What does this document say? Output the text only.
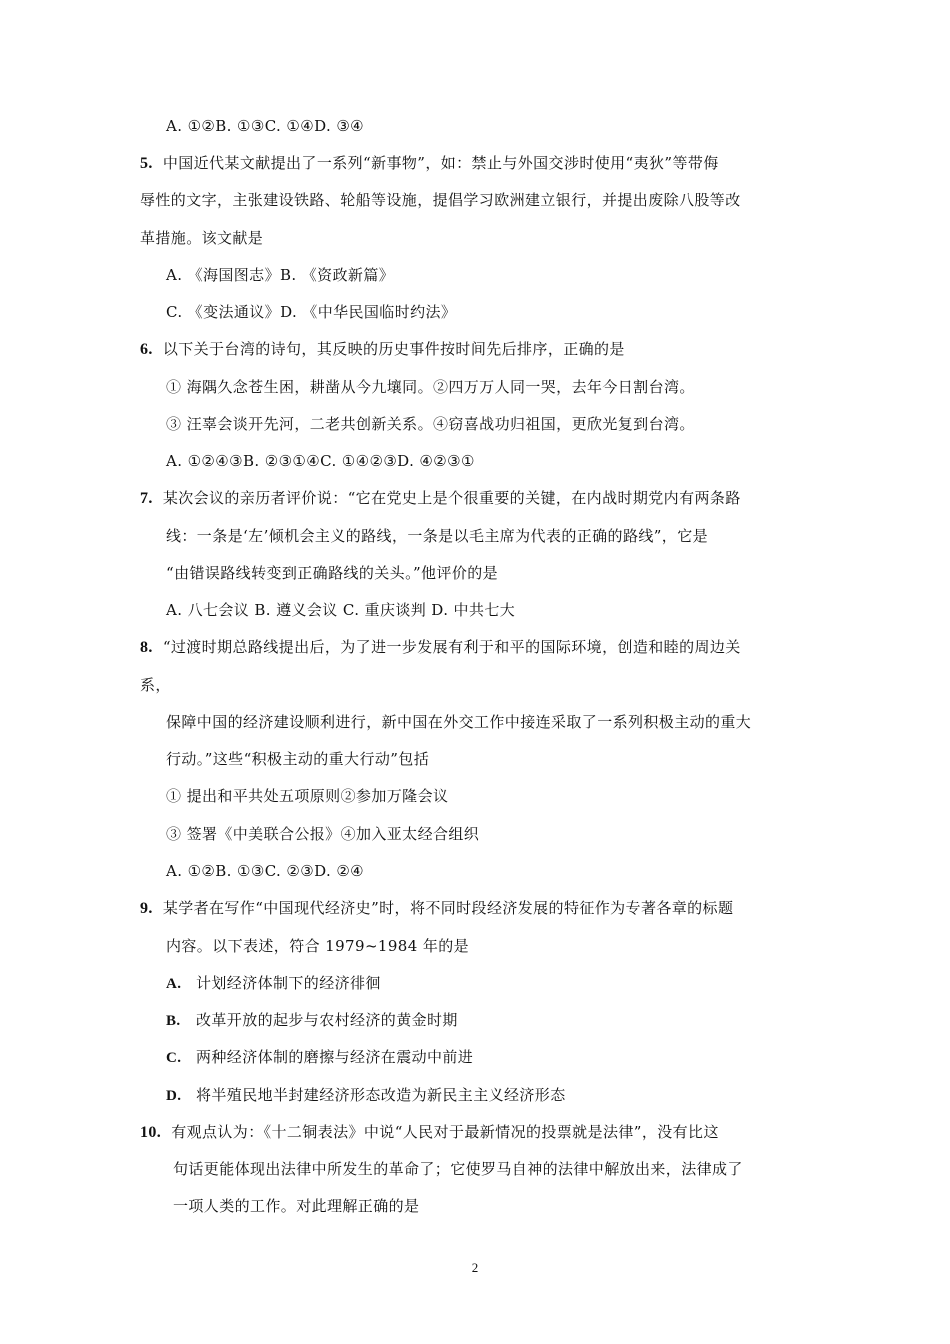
A. ①②B. ①③C. ①④D. ③④
5. 中国近代某文献提出了一系列“新事物”，如：禁止与外国交涉时使用“夷狄”等带侮
辱性的文字，主张建设铁路、轮船等设施，提倡学习欧洲建立银行，并提出废除八股等改
革措施。该文献是
A. 《海国图志》B. 《资政新篇》
C. 《变法通议》D. 《中华民国临时约法》
6. 以下关于台湾的诗句，其反映的历史事件按时间先后排序，正确的是
① 海隅久念苍生困，耕凿从今九壤同。②四万万人同一哭，去年今日割台湾。
③ 汪辜会谈开先河，二老共创新关系。④窃喜战功归祖国，更欣光复到台湾。
A. ①②④③B. ②③①④C. ①④②③D. ④②③①
7. 某次会议的亲历者评价说：“它在党史上是个很重要的关键，在内战时期党内有两条路
线：一条是‘左’倾机会主义的路线，一条是以毛主席为代表的正确的路线”，它是
“由错误路线转变到正确路线的关头。”他评价的是
A. 八七会议 B. 遵义会议 C. 重庆谈判 D. 中共七大
8. “过渡时期总路线提出后，为了进一步发展有利于和平的国际环境，创造和睦的周边关
系，
保障中国的经济建设顺利进行，新中国在外交工作中接连采取了一系列积极主动的重大
行动。”这些“积极主动的重大行动”包括
① 提出和平共处五项原则②参加万隆会议
③ 签署《中美联合公报》④加入亚太经合组织
A. ①②B. ①③C. ②③D. ②④
9. 某学者在写作“中国现代经济史”时，将不同时段经济发展的特征作为专著各章的标题
内容。以下表述，符合 1979~1984 年的是
A. 计划经济体制下的经济徘徊
B. 改革开放的起步与农村经济的黄金时期
C. 两种经济体制的磨擦与经济在震动中前进
D. 将半殖民地半封建经济形态改造为新民主主义经济形态
10. 有观点认为：《十二铜表法》中说“人民对于最新情况的投票就是法律”，没有比这
句话更能体现出法律中所发生的革命了；它使罗马自神的法律中解放出来，法律成了
一项人类的工作。对此理解正确的是
2
